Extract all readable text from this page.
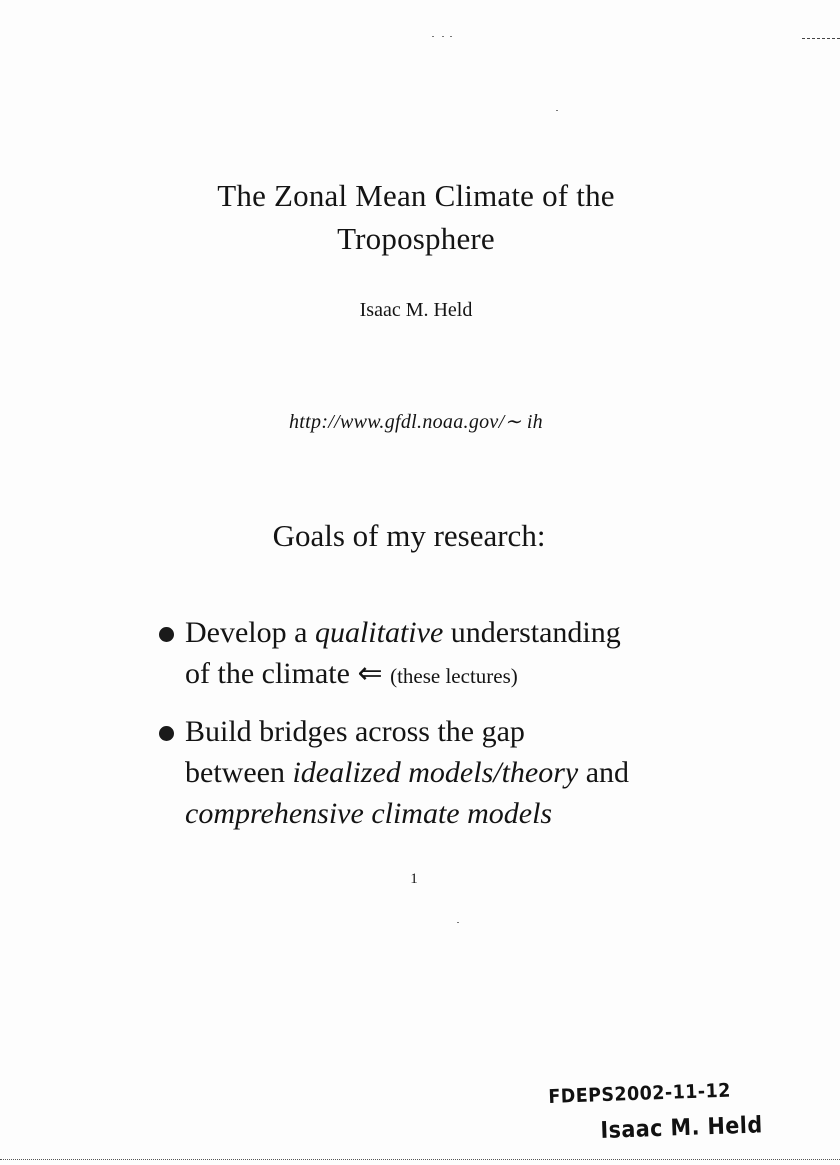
The Zonal Mean Climate of the
Troposphere
Isaac M. Held
http://www.gfdl.noaa.gov/∼ ih
Goals of my research:
Develop a qualitative understanding
of the climate ⇐ (these lectures)
Build bridges across the gap
between idealized models/theory and
comprehensive climate models
1
FDEPS2002-11-12
Isaac M. Held
